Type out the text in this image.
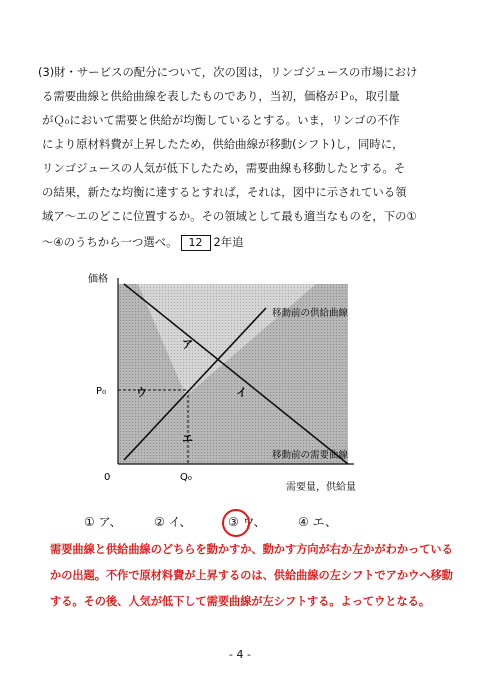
(3)財・サービスの配分について，次の図は，リンゴジュースの市場におけ
る需要曲線と供給曲線を表したものであり，当初，価格がＰ₀，取引量
がＱ₀において需要と供給が均衡しているとする。いま，リンゴの不作
により原材料費が上昇したため，供給曲線が移動(シフト)し，同時に，
リンゴジュースの人気が低下したため，需要曲線も移動したとする。そ
の結果，新たな均衡に達するとすれば，それは，図中に示されている領
域ア～エのどこに位置するか。その領域として最も適当なものを，下の①
～④のうちから一つ選べ。 12 2年追
価格
P₀
0	Q₀
需要量，供給量
移動前の供給曲線
移動前の需要曲線
ア
ウ	イ
エ
① ア、	② イ、	③ ウ、	④ エ、
需要曲線と供給曲線のどちらを動かすか、動かす方向が右か左かがわかっている
かの出題。不作で原材料費が上昇するのは、供給曲線の左シフトでアかウへ移動
する。その後、人気が低下して需要曲線が左シフトする。よってウとなる。
- 4 -
